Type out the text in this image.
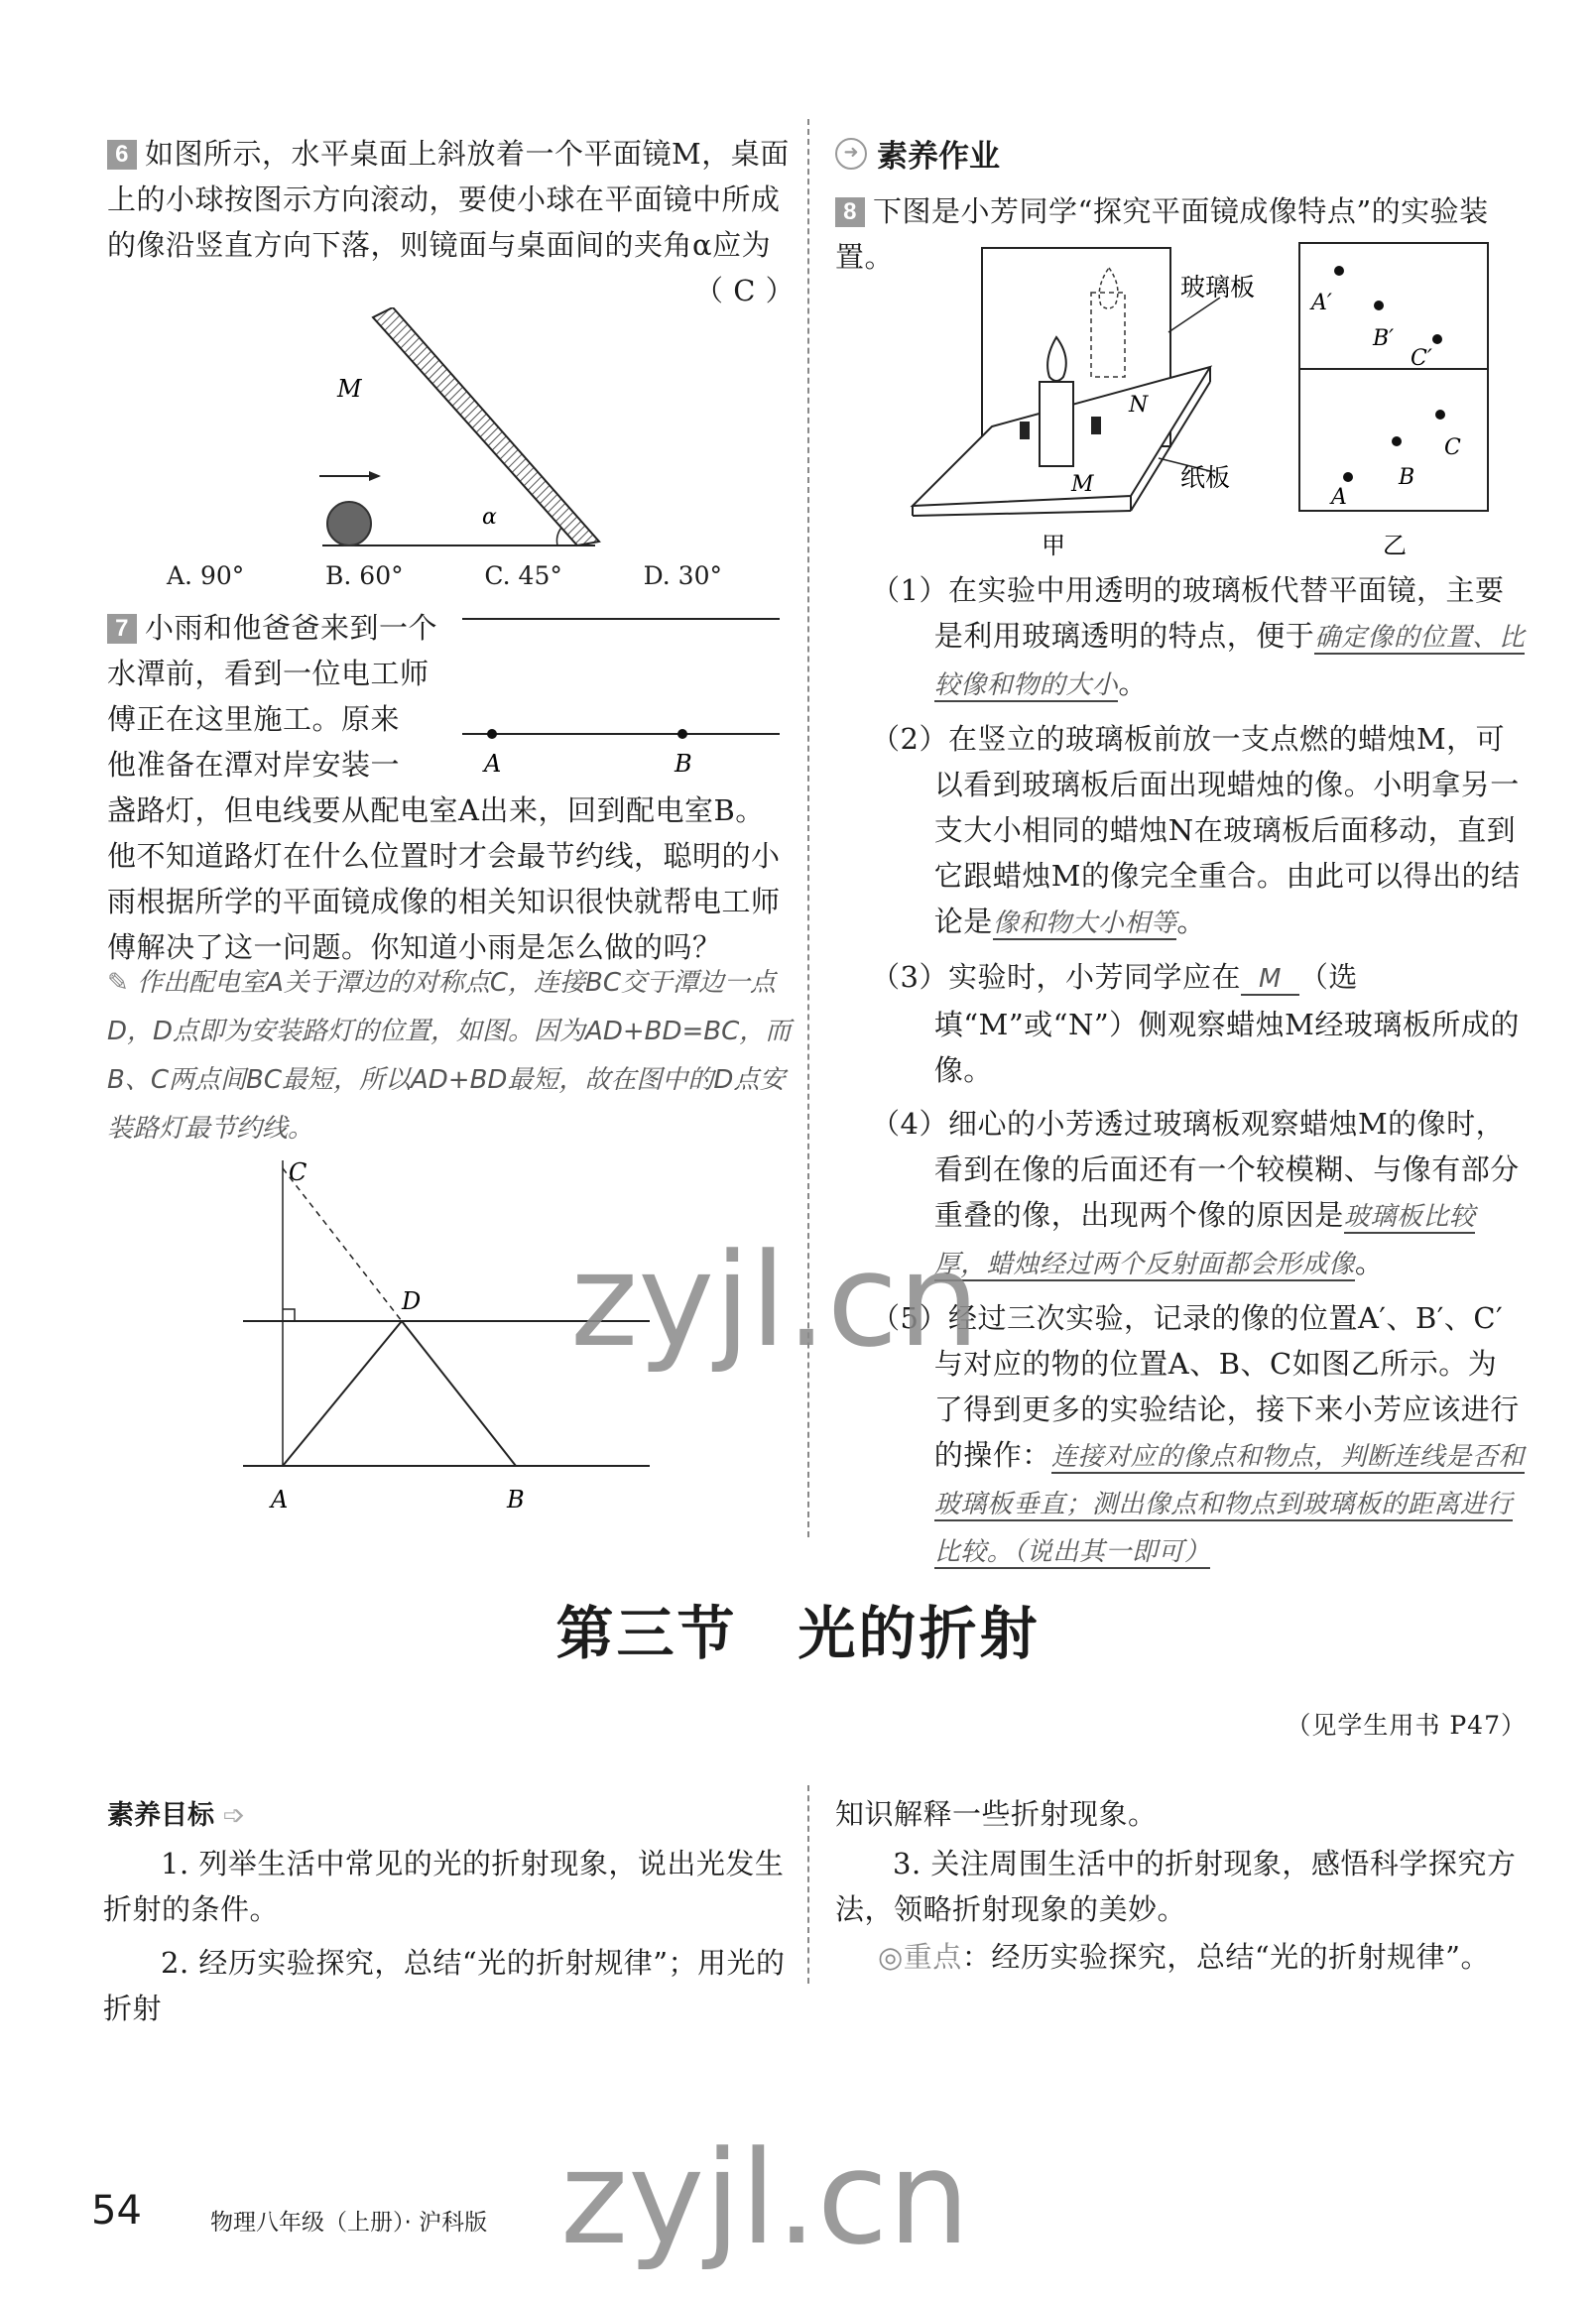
6 如图所示，水平桌面上斜放着一个平面镜M，桌面上的小球按图示方向滚动，要使小球在平面镜中所成的像沿竖直方向下落，则镜面与桌面间的夹角α应为
（ C ）
M
α
A. 90°	B. 60°	C. 45°	D. 30°
7 小雨和他爸爸来到一个
水潭前，看到一位电工师
傅正在这里施工。原来
他准备在潭对岸安装一	A	B
盏路灯，但电线要从配电室A出来，回到配电室B。他不知道路灯在什么位置时才会最节约线，聪明的小雨根据所学的平面镜成像的相关知识很快就帮电工师傅解决了这一问题。你知道小雨是怎么做的吗？
✎ 作出配电室A关于潭边的对称点C，连接BC交于潭边一点D，D点即为安装路灯的位置，如图。因为AD+BD=BC，而B、C两点间BC最短，所以AD+BD最短，故在图中的D点安装路灯最节约线。
C
D
A	B
➜ 素养作业
8 下图是小芳同学“探究平面镜成像特点”的实验装置。
N
M
玻璃板
纸板
甲
A′
B′
C′
A
B
C
乙
（1）在实验中用透明的玻璃板代替平面镜，主要是利用玻璃透明的特点，便于确定像的位置、比较像和物的大小。
（2）在竖立的玻璃板前放一支点燃的蜡烛M，可以看到玻璃板后面出现蜡烛的像。小明拿另一支大小相同的蜡烛N在玻璃板后面移动，直到它跟蜡烛M的像完全重合。由此可以得出的结论是像和物大小相等。
（3）实验时，小芳同学应在 M （选填“M”或“N”）侧观察蜡烛M经玻璃板所成的像。
（4）细心的小芳透过玻璃板观察蜡烛M的像时，看到在像的后面还有一个较模糊、与像有部分重叠的像，出现两个像的原因是玻璃板比较厚，蜡烛经过两个反射面都会形成像。
（5）经过三次实验，记录的像的位置A′、B′、C′与对应的物的位置A、B、C如图乙所示。为了得到更多的实验结论，接下来小芳应该进行的操作：连接对应的像点和物点，判断连线是否和玻璃板垂直；测出像点和物点到玻璃板的距离进行比较。（说出其一即可）
第三节　光的折射
（见学生用书 P47）
素养目标 ➩
1. 列举生活中常见的光的折射现象，说出光发生折射的条件。
2. 经历实验探究，总结“光的折射规律”；用光的折射
知识解释一些折射现象。
3. 关注周围生活中的折射现象，感悟科学探究方法，领略折射现象的美妙。
◎重点：经历实验探究，总结“光的折射规律”。
zyjl.cn
zyjl.cn
54	物理八年级（上册）· 沪科版
